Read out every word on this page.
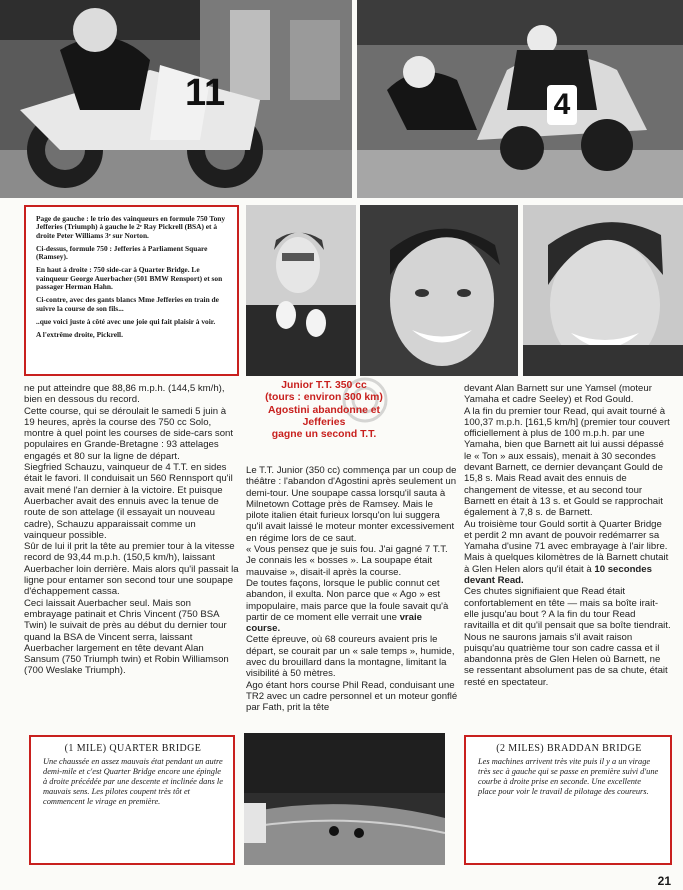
11	4

Page de gauche : le trio des vainqueurs en formule 750 Tony Jefferies (Triumph) à gauche le 2ᵉ Ray Pickrell (BSA) et à droite Peter Williams 3ᵉ sur Norton.

Ci-dessus, formule 750 : Jefferies à Parliament Square (Ramsey).

En haut à droite : 750 side-car à Quarter Bridge. Le vainqueur George Auerbacher (501 BMW Rensport) et son passager Herman Hahn.

Ci-contre, avec des gants blancs Mme Jefferies en train de suivre la course de son fils...

..que voici juste à côté avec une joie qui fait plaisir à voir.

A l'extrême droite, Pickrell.

ne put atteindre que 88,86 m.p.h. (144,5 km/h), bien en dessous du record.

Cette course, qui se déroulait le samedi 5 juin à 19 heures, après la course des 750 cc Solo, montre à quel point les courses de side-cars sont populaires en Grande-Bretagne : 93 attelages engagés et 80 sur la ligne de départ.

Siegfried Schauzu, vainqueur de 4 T.T. en sides était le favori. Il conduisait un 560 Rennsport qu'il avait mené l'an dernier à la victoire. Et puisque Auerbacher avait des ennuis avec la tenue de route de son attelage (il essayait un nouveau cadre), Schauzu apparaissait comme un vainqueur possible.

Sûr de lui il prit la tête au premier tour à la vitesse record de 93,44 m.p.h. (150,5 km/h), laissant Auerbacher loin derrière. Mais alors qu'il passait la ligne pour entamer son second tour une soupape d'échappement cassa.

Ceci laissait Auerbacher seul. Mais son embrayage patinait et Chris Vincent (750 BSA Twin) le suivait de près au début du dernier tour quand la BSA de Vincent serra, laissant Auerbacher largement en tête devant Alan Sansum (750 Triumph twin) et Robin Williamson (700 Weslake Triumph).

Junior T.T. 350 cc
(tours : environ 300 km)
Agostini abandonne et Jefferies
gagne un second T.T.

Le T.T. Junior (350 cc) commença par un coup de théâtre : l'abandon d'Agostini après seulement un demi-tour. Une soupape cassa lorsqu'il sauta à Milnetown Cottage près de Ramsey. Mais le pilote italien était furieux lorsqu'on lui suggera qu'il avait laissé le moteur monter excessivement en régime lors de ce saut.

« Vous pensez que je suis fou. J'ai gagné 7 T.T. Je connais les « bosses ». La soupape était mauvaise », disait-il après la course.

De toutes façons, lorsque le public connut cet abandon, il exulta. Non parce que « Ago » est impopulaire, mais parce que la foule savait qu'à partir de ce moment elle verrait une vraie course.

Cette épreuve, où 68 coureurs avaient pris le départ, se courait par un « sale temps », humide, avec du brouillard dans la montagne, limitant la visibilité à 50 mètres.

Ago étant hors course Phil Read, conduisant une TR2 avec un cadre personnel et un moteur gonflé par Fath, prit la tête

devant Alan Barnett sur une Yamsel (moteur Yamaha et cadre Seeley) et Rod Gould.

A la fin du premier tour Read, qui avait tourné à 100,37 m.p.h. [161,5 km/h] (premier tour couvert officiellement à plus de 100 m.p.h. par une Yamaha, bien que Barnett ait lui aussi dépassé le « Ton » aux essais), menait à 30 secondes devant Barnett, ce dernier devançant Gould de 15,8 s. Mais Read avait des ennuis de changement de vitesse, et au second tour Barnett en était à 13 s. et Gould se rapprochait également à 7,8 s. de Barnett.

Au troisième tour Gould sortit à Quarter Bridge et perdit 2 mn avant de pouvoir redémarrer sa Yamaha d'usine 71 avec embrayage à l'air libre. Mais à quelques kilomètres de là Barnett chutait à Glen Helen alors qu'il était à 10 secondes devant Read.

Ces chutes signifiaient que Read était confortablement en tête — mais sa boîte irait-elle jusqu'au bout ? A la fin du tour Read ravitailla et dit qu'il pensait que sa boîte tiendrait.

Nous ne saurons jamais s'il avait raison puisqu'au quatrième tour son cadre cassa et il abandonna près de Glen Helen où Barnett, ne se ressentant absolument pas de sa chute, était resté en spectateur.

(1 MILE) QUARTER BRIDGE
Une chaussée en assez mauvais état pendant un autre demi-mile et c'est Quarter Bridge encore une épingle à droite précédée par une descente et inclinée dans le mauvais sens. Les pilotes coupent très tôt et commencent le virage en première.
(2 MILES) BRADDAN BRIDGE
Les machines arrivent très vite puis il y a un virage très sec à gauche qui se passe en première suivi d'une courbe à droite prise en seconde. Une excellente place pour voir le travail de pilotage des coureurs.
21
